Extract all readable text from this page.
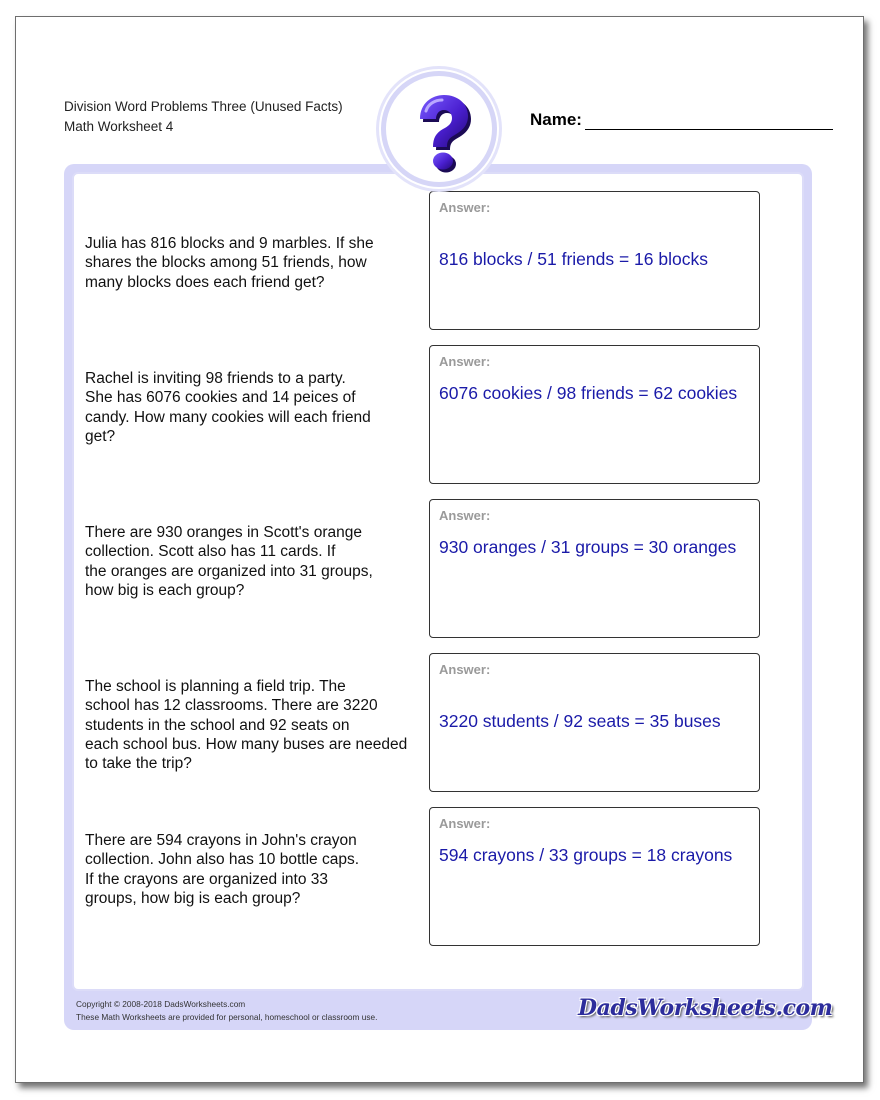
Division Word Problems Three (Unused Facts)
Math Worksheet 4	Name:
Julia has 816 blocks and 9 marbles. If she
shares the blocks among 51 friends, how
many blocks does each friend get?
Answer:
816 blocks / 51 friends = 16 blocks
Rachel is inviting 98 friends to a party.
She has 6076 cookies and 14 peices of
candy. How many cookies will each friend
get?
Answer:
6076 cookies / 98 friends = 62 cookies
There are 930 oranges in Scott's orange
collection. Scott also has 11 cards. If
the oranges are organized into 31 groups,
how big is each group?
Answer:
930 oranges / 31 groups = 30 oranges
The school is planning a field trip. The
school has 12 classrooms. There are 3220
students in the school and 92 seats on
each school bus. How many buses are needed
to take the trip?
Answer:
3220 students / 92 seats = 35 buses
There are 594 crayons in John's crayon
collection. John also has 10 bottle caps.
If the crayons are organized into 33
groups, how big is each group?
Answer:
594 crayons / 33 groups = 18 crayons
Copyright © 2008-2018 DadsWorksheets.com
These Math Worksheets are provided for personal, homeschool or classroom use.	DadsWorksheets.com
